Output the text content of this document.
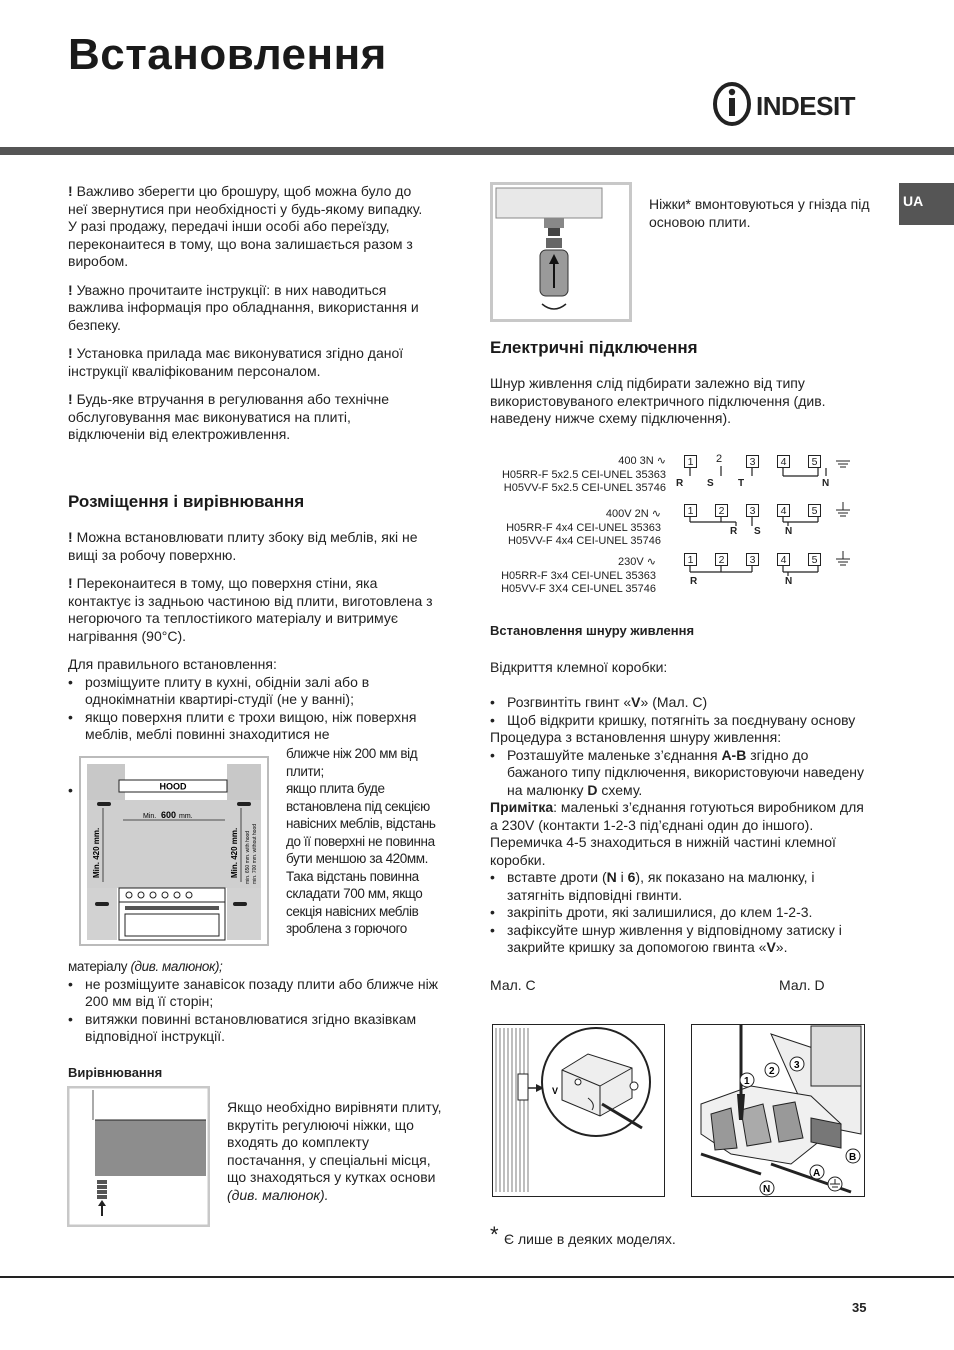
Встановлення
INDESIT
UA
! Важливо зберегти цю брошуру, щоб можна було до неї звернутися при необхідності у будь-якому випадку. У разі продажу, передачі інши особі або переїзду, переконаитеся в тому, що вона залишається разом з виробом.
! Уважно прочитаите інструкції: в них наводиться важлива інформація про обладнання, використання и безпеку.
! Установка прилада має виконуватися згідно даної інструкції кваліфікованим персоналом.
! Будь-яке втручання в регулювання або технічне обслуговування має виконуватися на плиті, відключеніи від електроживлення.
Розміщення і вирівнювання
! Можна встановлювати плиту збоку від меблів, які не вищі за робочу поверхню.
! Переконаитеся в тому, що поверхня стіни, яка контактує із задньою частиною від плити, виготовлена з негорючого та теплостіикого матеріалу и витримує нагрівання (90°С).
Для правильного встановлення:
• розміщуите плиту в кухні, обідніи залі або в однокімнатніи квартирі-студії (не у ванні);
• якщо поверхня плити є трохи вищою, ніж поверхня меблів, меблі повинні знаходитися не
ближче ніж 200 мм від плити;
якщо плита буде встановлена під секцією навісних меблів, відстань до її поверхні не повинна бути меншою за 420мм.
Така відстань повинна складати 700 мм, якщо секція навісних меблів зроблена з горючого
•	HOOD
Min. 600 mm.
Min. 420 mm.	Min. 420 mm. min. 650 mm. with hood min. 700 mm. without hood
матеріалу (див. малюнок);
• не розміщуите занавісок позаду плити або ближче ніж 200 мм від її сторін;
• витяжки повинні встановлюватися згідно вказівкам відповідної інструкції.
Вирівнювання
Якщо необхідно вирівняти плиту, вкрутіть регулюючі ніжки, що входять до комплекту постачання, у спеціальні місця, що знаходяться у кутках основи (див. малюнок).
Ніжки* вмонтовуються у гнізда під основою плити.
Електричні підключення
Шнур живлення слід підбирати залежно від типу використовуваного електричного підключення (див. наведену нижче схему підключення).
400 3N ∿
H05RR-F 5x2.5 CEI-UNEL 35363
H05VV-F 5x2.5 CEI-UNEL 35746
400V 2N ∿
H05RR-F 4x4 CEI-UNEL 35363
H05VV-F 4x4 CEI-UNEL 35746
230V ∿
H05RR-F 3x4 CEI-UNEL 35363
H05VV-F 3X4 CEI-UNEL 35746
1	2	3	4	5
R S T	N
1	2	3	4	5
R S N
1	2	3	4	5
R	N
Встановлення шнуру живлення
Відкриття клемної коробки:
• Розгвинтіть гвинт «V» (Мал. C)
• Щоб відкрити кришку, потягніть за поєднувану основу
Процедура з встановлення шнуру живлення:
• Розташуйте маленьке з’єднання A-B згідно до бажаного типу підключення, використовуючи наведену на малюнку D схему.
Примітка: маленькі з’єднання готуються виробником для а 230V (контакти 1-2-3 під’єднані один до іншого). Перемичка 4-5 знаходиться в нижній частині клемної коробки.
• вставте дроти (N і 6), як показано на малюнку, і затягніть відповідні гвинти.
• закріпіть дроти, які залишилися, до клем 1-2-3.
• зафіксуйте шнур живлення у відповідному затиску і закрийте кришку за допомогою гвинта «V».
Мал. C	Мал. D
V
1
2
3
A
B
N
* Є лише в деяких моделях.
35
